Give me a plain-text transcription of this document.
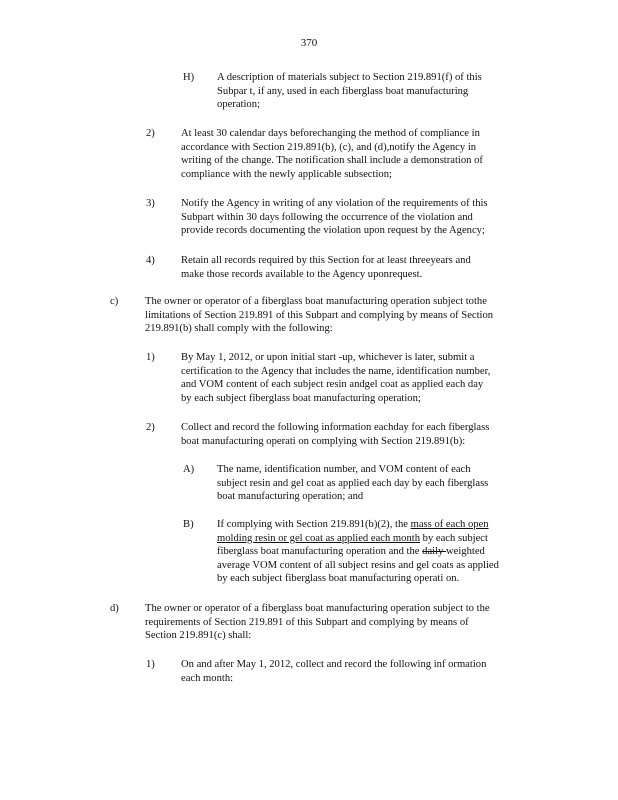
370
H) A description of materials subject to Section 219.891(f) of this
Subpar t, if any, used in each fiberglass boat manufacturing
operation;
2) At least 30 calendar days beforechanging the method of compliance in
accordance with Section 219.891(b), (c), and (d),notify the Agency in
writing of the change. The notification shall include a demonstration of
compliance with the newly applicable subsection;
3) Notify the Agency in writing of any violation of the requirements of this
Subpart within 30 days following the occurrence of the violation and
provide records documenting the violation upon request by the Agency;
4) Retain all records required by this Section for at least threeyears and
make those records available to the Agency uponrequest.
c)	The owner or operator of a fiberglass boat manufacturing operation subject tothe
limitations of Section 219.891 of this Subpart and complying by means of Section
219.891(b) shall comply with the following:
1) By May 1, 2012, or upon initial start -up, whichever is later, submit a
certification to the Agency that includes the name, identification number,
and VOM content of each subject resin andgel coat as applied each day
by each subject fiberglass boat manufacturing operation;
2) Collect and record the following information eachday for each fiberglass
boat manufacturing operati on complying with Section 219.891(b):
A) The name, identification number, and VOM content of each
subject resin and gel coat as applied each day by each fiberglass
boat manufacturing operation; and
B) If complying with Section 219.891(b)(2), the mass of each open
molding resin or gel coat as applied each month by each subject
fiberglass boat manufacturing operation and the daily weighted
average VOM content of all subject resins and gel coats as applied
by each subject fiberglass boat manufacturing operati on.
d) The owner or operator of a fiberglass boat manufacturing operation subject to the
requirements of Section 219.891 of this Subpart and complying by means of
Section 219.891(c) shall:
1) On and after May 1, 2012, collect and record the following inf ormation
each month:
